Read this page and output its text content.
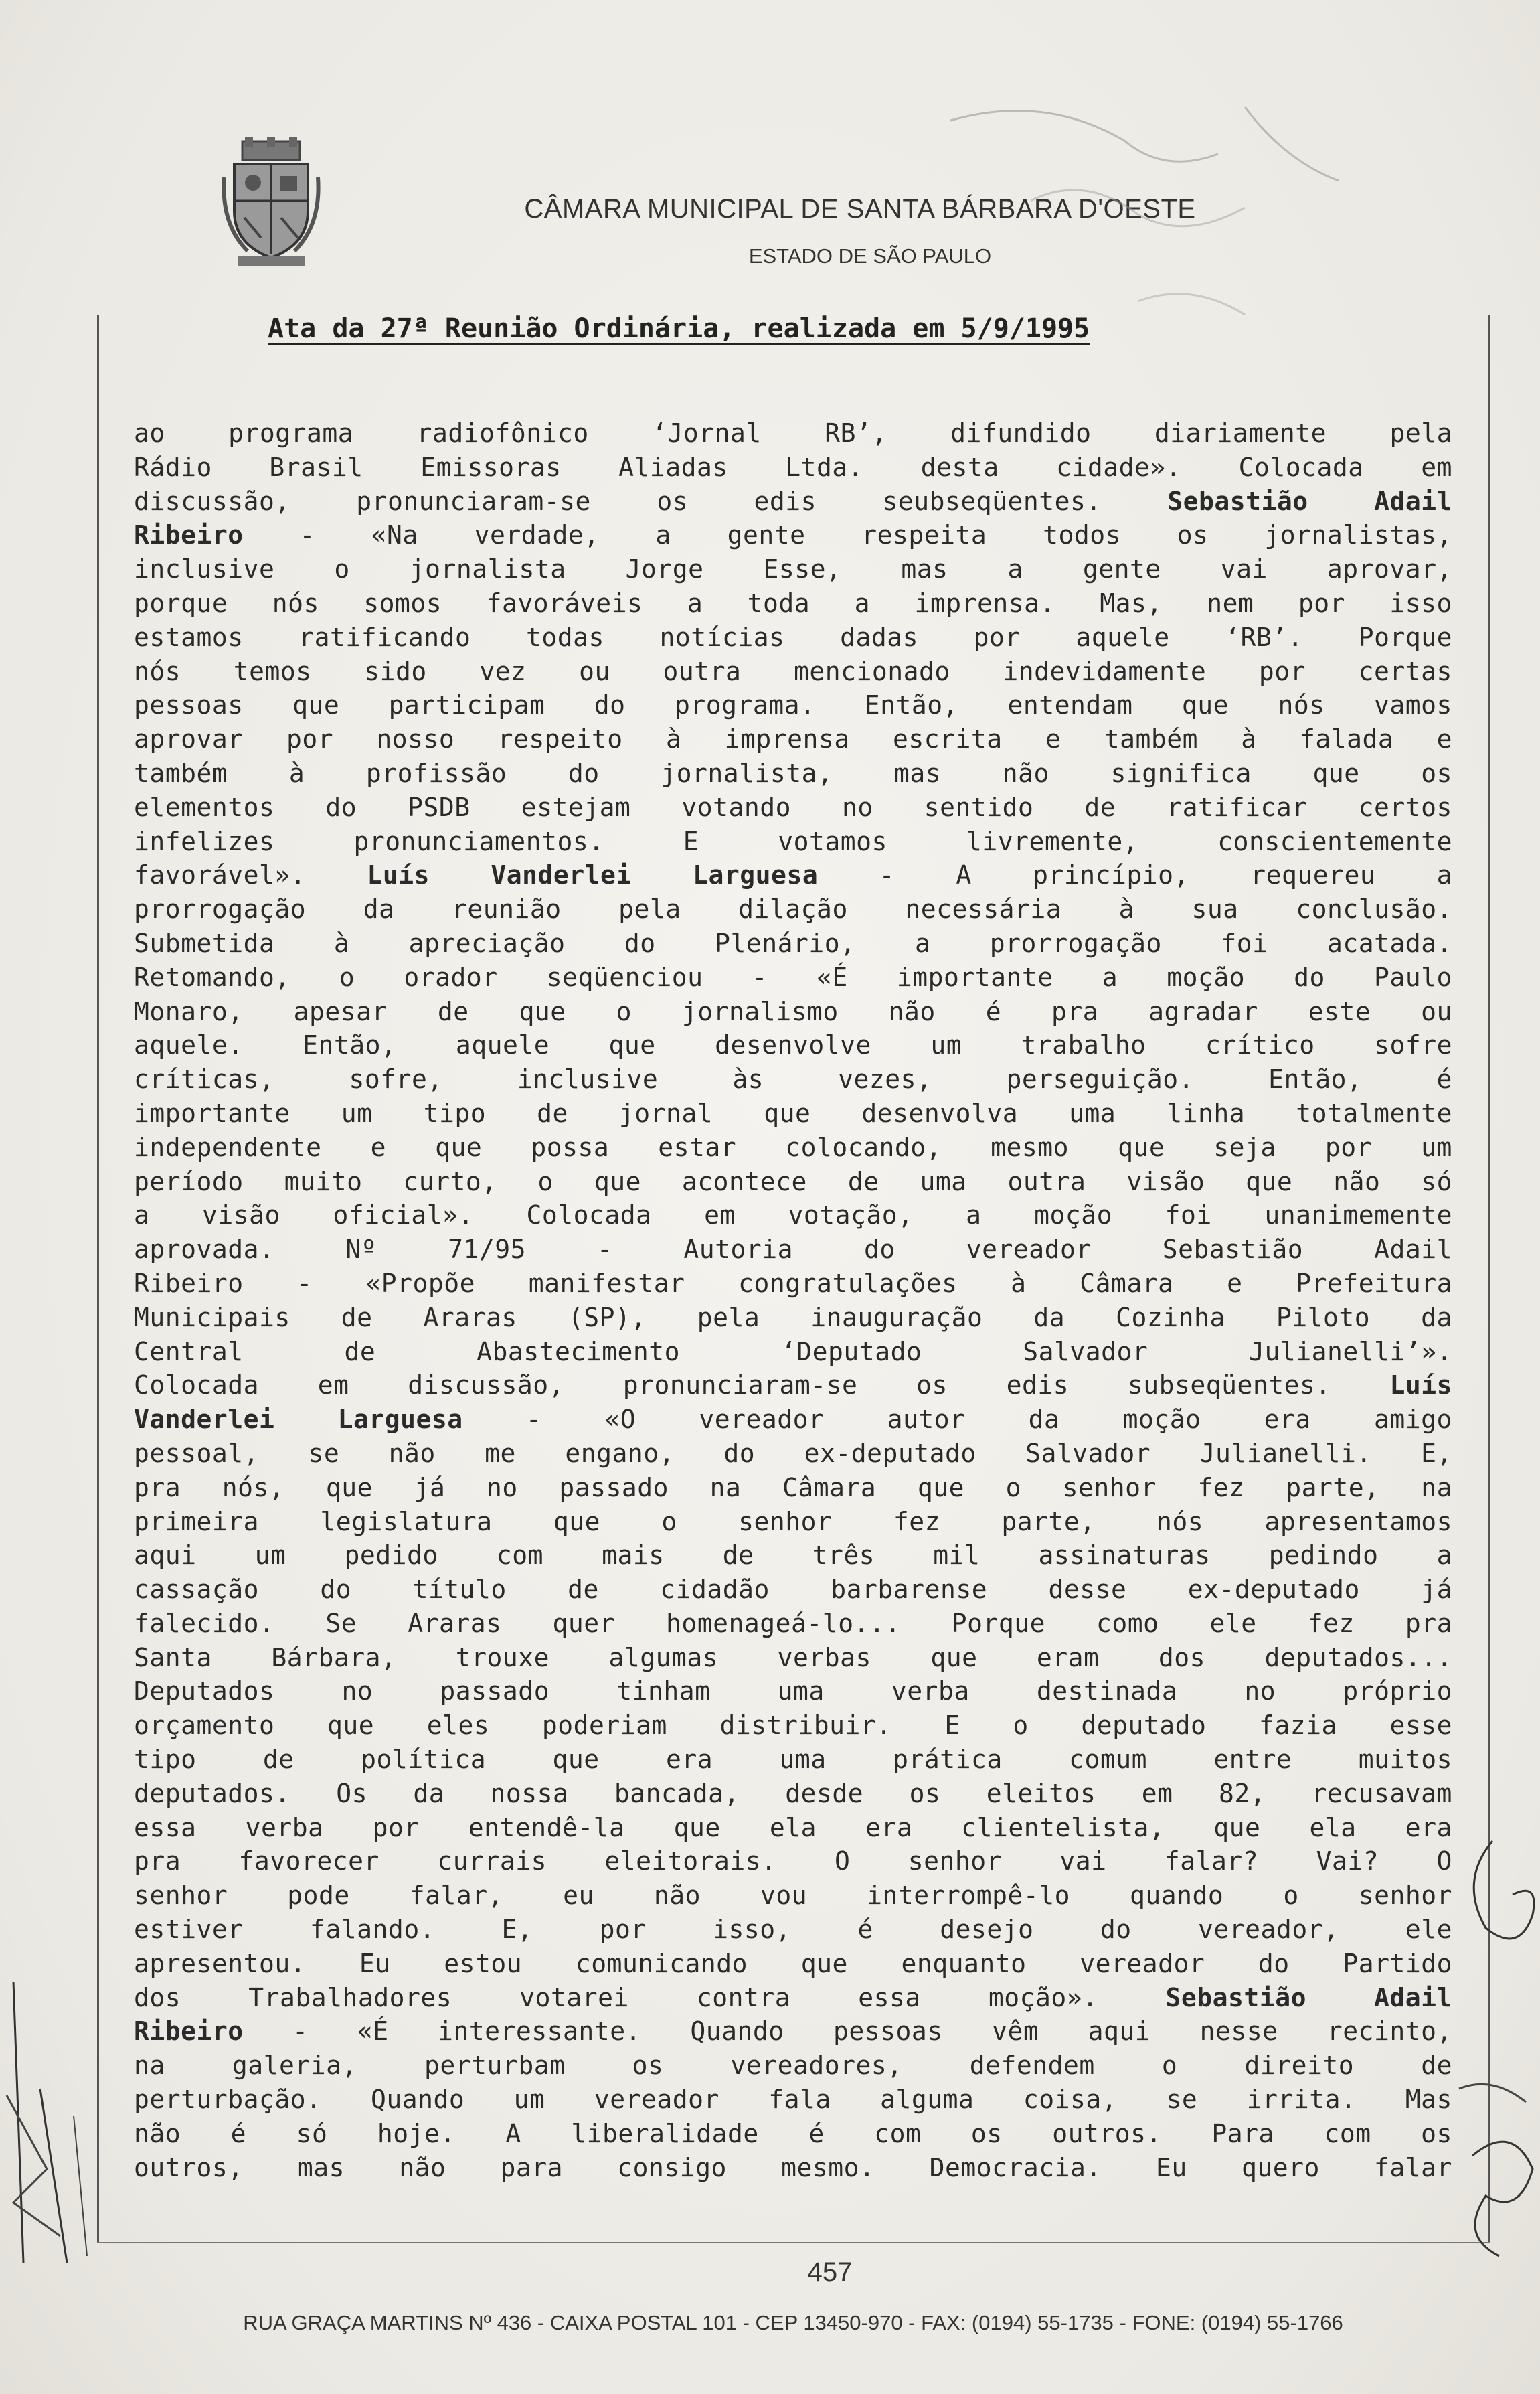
CÂMARA MUNICIPAL DE SANTA BÁRBARA D'OESTE
ESTADO DE SÃO PAULO
Ata da 27ª Reunião Ordinária, realizada em 5/9/1995
ao programa radiofônico ‘Jornal RB’, difundido diariamente pela
Rádio Brasil Emissoras Aliadas Ltda. desta cidade». Colocada em
discussão,	pronunciaram-se	os	edis	seubseqüentes.	Sebastião	Adail
Ribeiro - «Na verdade, a gente respeita todos os jornalistas,
inclusive o jornalista Jorge Esse, mas a gente vai aprovar,
porque nós somos favoráveis a toda a imprensa. Mas, nem por isso
estamos ratificando todas notícias dadas por aquele ‘RB’. Porque
nós temos sido vez ou outra mencionado indevidamente por certas
pessoas que participam do programa. Então, entendam que nós vamos
aprovar por nosso respeito à imprensa escrita e também à falada e
também à profissão do jornalista, mas não significa que os
elementos do PSDB estejam votando no sentido de ratificar certos
infelizes	pronunciamentos.	E	votamos	livremente,	conscientemente
favorável». Luís Vanderlei Larguesa - A princípio, requereu a
prorrogação da reunião pela dilação necessária à sua conclusão.
Submetida à apreciação do Plenário, a prorrogação foi acatada.
Retomando, o orador seqüenciou - «É importante a moção do Paulo
Monaro, apesar de que o jornalismo não é pra agradar este ou
aquele. Então, aquele que desenvolve um trabalho crítico sofre
críticas,	sofre,	inclusive	às	vezes,	perseguição.	Então,	é
importante um tipo de jornal que desenvolva uma linha totalmente
independente e que possa estar colocando, mesmo que seja por um
período muito curto, o que acontece de uma outra visão que não só
a visão oficial». Colocada em votação, a moção foi unanimemente
aprovada.	Nº	71/95	-	Autoria	do	vereador	Sebastião	Adail
Ribeiro - «Propõe manifestar congratulações à Câmara e Prefeitura
Municipais de Araras (SP), pela inauguração da Cozinha Piloto da
Central	de	Abastecimento	‘Deputado	Salvador	Julianelli’».
Colocada em discussão, pronunciaram-se os edis subseqüentes. Luís
Vanderlei Larguesa - «O vereador autor da moção era amigo
pessoal, se não me engano, do ex-deputado Salvador Julianelli. E,
pra nós, que já no passado na Câmara que o senhor fez parte, na
primeira legislatura que o senhor fez parte, nós apresentamos
aqui um pedido com mais de três mil assinaturas pedindo a
cassação do título de cidadão barbarense desse ex-deputado já
falecido. Se Araras quer homenageá-lo... Porque como ele fez pra
Santa Bárbara, trouxe algumas verbas que eram dos deputados...
Deputados	no	passado	tinham	uma	verba	destinada	no	próprio
orçamento que eles poderiam distribuir. E o deputado fazia esse
tipo	de	política	que	era	uma	prática	comum	entre	muitos
deputados. Os da nossa bancada, desde os eleitos em 82, recusavam
essa verba por entendê-la que ela era clientelista, que ela era
pra favorecer currais eleitorais. O senhor vai falar? Vai? O
senhor pode falar, eu não vou interrompê-lo quando o senhor
estiver	falando.	E,	por	isso,	é	desejo	do	vereador,	ele
apresentou. Eu estou comunicando que enquanto vereador do Partido
dos	Trabalhadores	votarei	contra	essa	moção».	Sebastião	Adail
Ribeiro - «É interessante. Quando pessoas vêm aqui nesse recinto,
na	galeria,	perturbam	os	vereadores,	defendem	o	direito	de
perturbação. Quando um vereador fala alguma coisa, se irrita. Mas
não é só hoje. A liberalidade é com os outros. Para com os
outros, mas não para consigo mesmo. Democracia. Eu quero falar
457
RUA GRAÇA MARTINS Nº 436 - CAIXA POSTAL 101 - CEP 13450-970 - FAX: (0194) 55-1735 - FONE: (0194) 55-1766
